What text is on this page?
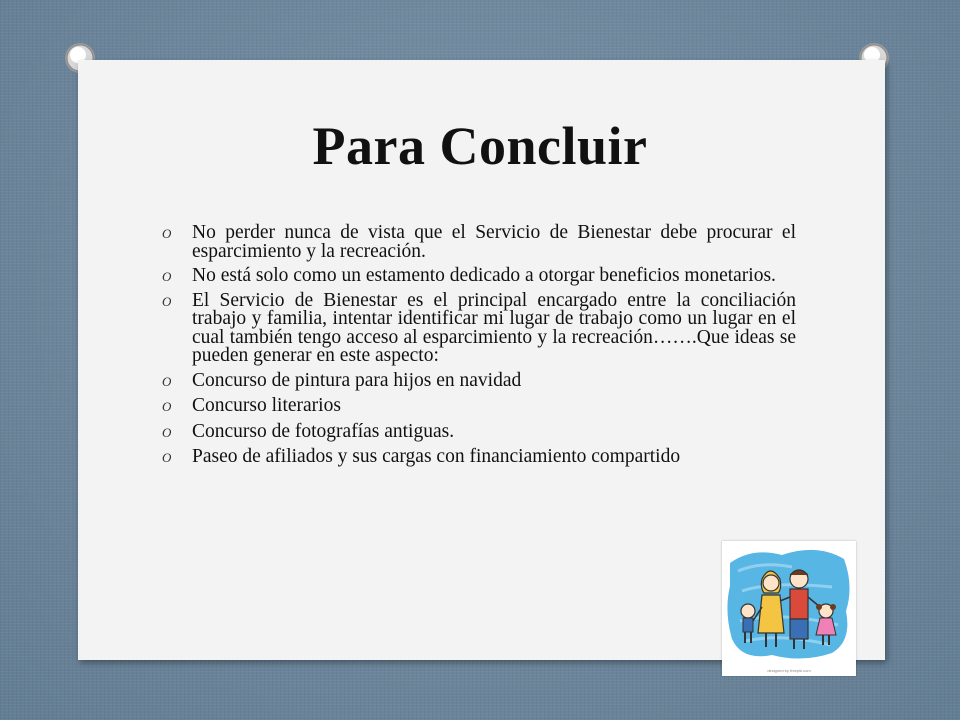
Para Concluir
O No perder nunca de vista que el Servicio de Bienestar debe procurar el esparcimiento y la recreación.
O No está solo como un estamento dedicado a otorgar beneficios monetarios.
O El Servicio de Bienestar es el principal encargado entre la conciliación trabajo y familia, intentar identificar mi lugar de trabajo como un lugar en el cual también tengo acceso al esparcimiento y la recreación…….Que ideas se pueden generar en este aspecto:
O Concurso de pintura para hijos en navidad
O Concurso literarios
O Concurso de fotografías antiguas.
O Paseo de afiliados y sus cargas con financiamiento compartido
designed by freepik.com
